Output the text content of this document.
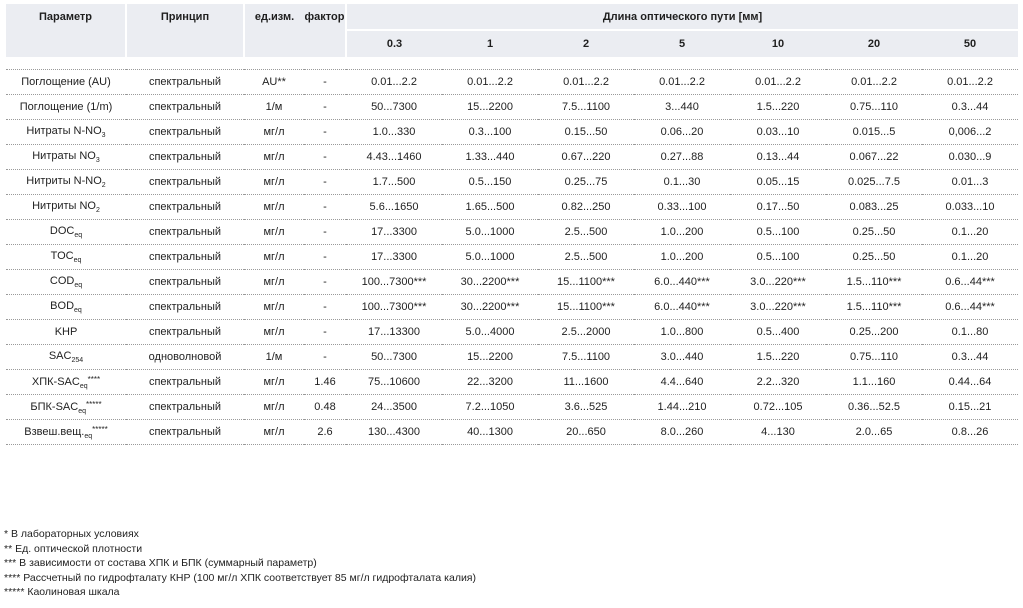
Параметр	Принцип	ед.изм.	фактор	Длина оптического пути [мм]						
				0.3	1	2	5	10	20	50

Поглощение (AU)	спектральный	AU**	-	0.01...2.2	0.01...2.2	0.01...2.2	0.01...2.2	0.01...2.2	0.01...2.2	0.01...2.2
Поглощение (1/m)	спектральный	1/м	-	50...7300	15...2200	7.5...1100	3...440	1.5...220	0.75...110	0.3...44
Нитраты $N-NO_3$	спектральный	мг/л	-	1.0...330	0.3...100	0.15...50	0.06...20	0.03...10	0.015...5	0,006...2
Нитраты $NO_3$	спектральный	мг/л	-	4.43...1460	1.33...440	0.67...220	0.27...88	0.13...44	0.067...22	0.030...9
Нитриты $N-NO_2$	спектральный	мг/л	-	1.7...500	0.5...150	0.25...75	0.1...30	0.05...15	0.025...7.5	0.01...3
Нитриты $NO_2$	спектральный	мг/л	-	5.6...1650	1.65...500	0.82...250	0.33...100	0.17...50	0.083...25	0.033...10
$DOC_{eq}$	спектральный	мг/л	-	17...3300	5.0...1000	2.5...500	1.0...200	0.5...100	0.25...50	0.1...20
$TOC_{eq}$	спектральный	мг/л	-	17...3300	5.0...1000	2.5...500	1.0...200	0.5...100	0.25...50	0.1...20
$COD_{eq}$	спектральный	мг/л	-	100...7300***	30...2200***	15...1100***	6.0...440***	3.0...220***	1.5...110***	0.6...44***
$BOD_{eq}$	спектральный	мг/л	-	100...7300***	30...2200***	15...1100***	6.0...440***	3.0...220***	1.5...110***	0.6...44***
KHP	спектральный	мг/л	-	17...13300	5.0...4000	2.5...2000	1.0...800	0.5...400	0.25...200	0.1...80
$SAC_{254}$	одноволновой	1/м	-	50...7300	15...2200	7.5...1100	3.0...440	1.5...220	0.75...110	0.3...44
ХПК-$SAC_{eq}^{****}$	спектральный	мг/л	1.46	75...10600	22...3200	11...1600	4.4...640	2.2...320	1.1...160	0.44...64
БПК-$SAC_{eq}^{*****}$	спектральный	мг/л	0.48	24...3500	7.2...1050	3.6...525	1.44...210	0.72...105	0.36...52.5	0.15...21
$Взвеш.вещ._{eq}^{*****}$	спектральный	мг/л	2.6	130...4300	40...1300	20...650	8.0...260	4...130	2.0...65	0.8...26
* В лабораторных условиях
** Ед. оптической плотности
*** В зависимости от состава ХПК и БПК (суммарный параметр)
**** Рассчетный по гидрофталату КНР (100 мг/л ХПК соответствует 85 мг/л гидрофталата калия)
***** Каолиновая шкала
